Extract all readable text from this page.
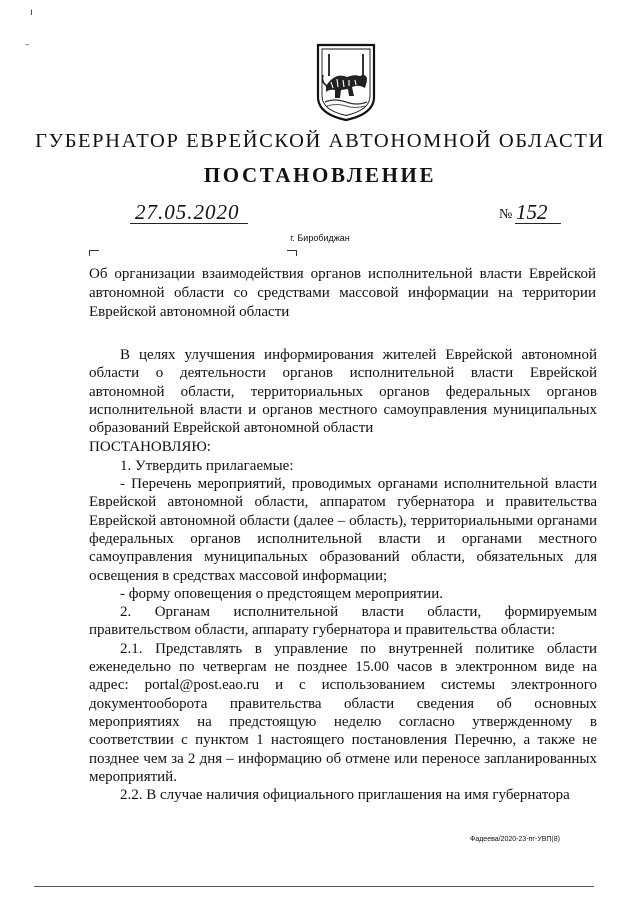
ı
–
ГУБЕРНАТОР ЕВРЕЙСКОЙ АВТОНОМНОЙ ОБЛАСТИ
ПОСТАНОВЛЕНИЕ
27.05.2020	№ 152
г. Биробиджан
Об организации взаимодействия органов исполнительной власти Еврейской автономной области со средствами массовой информации на территории Еврейской автономной области

В целях улучшения информирования жителей Еврейской автономной области о деятельности органов исполнительной власти Еврейской автономной области, территориальных органов федеральных органов исполнительной власти и органов местного самоуправления муниципальных образований Еврейской автономной области

ПОСТАНОВЛЯЮ:

1. Утвердить прилагаемые:

- Перечень мероприятий, проводимых органами исполнительной власти Еврейской автономной области, аппаратом губернатора и правительства Еврейской автономной области (далее – область), территориальными органами федеральных органов исполнительной власти и органами местного самоуправления муниципальных образований области, обязательных для освещения в средствах массовой информации;

- форму оповещения о предстоящем мероприятии.

2. Органам исполнительной власти области, формируемым правительством области, аппарату губернатора и правительства области:

2.1. Представлять в управление по внутренней политике области еженедельно по четвергам не позднее 15.00 часов в электронном виде на адрес: portal@post.eao.ru и с использованием системы электронного документооборота правительства области сведения об основных мероприятиях на предстоящую неделю согласно утвержденному в соответствии с пунктом 1 настоящего постановления Перечню, а также не позднее чем за 2 дня – информацию об отмене или переносе запланированных мероприятий.

2.2. В случае наличия официального приглашения на имя губернатора

Фадеева/2020-23-пг-УВП(8)
